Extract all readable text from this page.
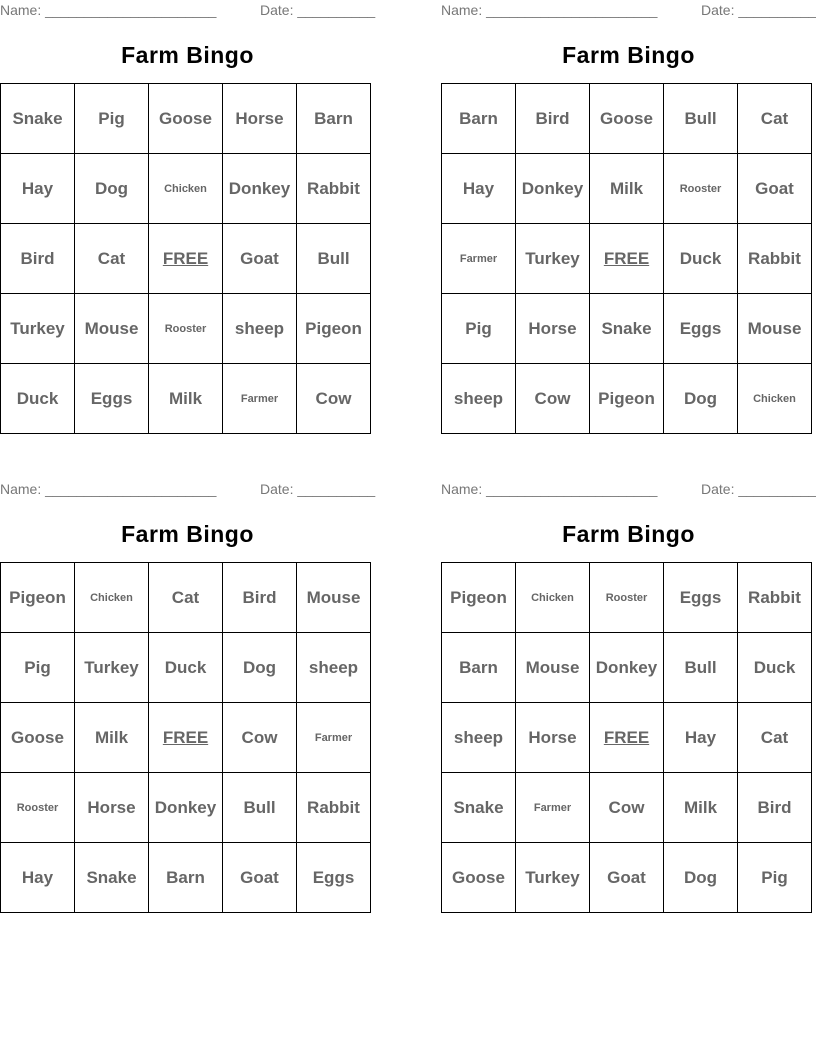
Name: ______________________	Date: __________
Farm Bingo
Snake	Pig	Goose	Horse	Barn
Hay	Dog	Chicken	Donkey	Rabbit
Bird	Cat	FREE	Goat	Bull
Turkey	Mouse	Rooster	sheep	Pigeon
Duck	Eggs	Milk	Farmer	Cow
Name: ______________________	Date: __________
Farm Bingo
Barn	Bird	Goose	Bull	Cat
Hay	Donkey	Milk	Rooster	Goat
Farmer	Turkey	FREE	Duck	Rabbit
Pig	Horse	Snake	Eggs	Mouse
sheep	Cow	Pigeon	Dog	Chicken
Name: ______________________	Date: __________
Farm Bingo
Pigeon	Chicken	Cat	Bird	Mouse
Pig	Turkey	Duck	Dog	sheep
Goose	Milk	FREE	Cow	Farmer
Rooster	Horse	Donkey	Bull	Rabbit
Hay	Snake	Barn	Goat	Eggs
Name: ______________________	Date: __________
Farm Bingo
Pigeon	Chicken	Rooster	Eggs	Rabbit
Barn	Mouse	Donkey	Bull	Duck
sheep	Horse	FREE	Hay	Cat
Snake	Farmer	Cow	Milk	Bird
Goose	Turkey	Goat	Dog	Pig
